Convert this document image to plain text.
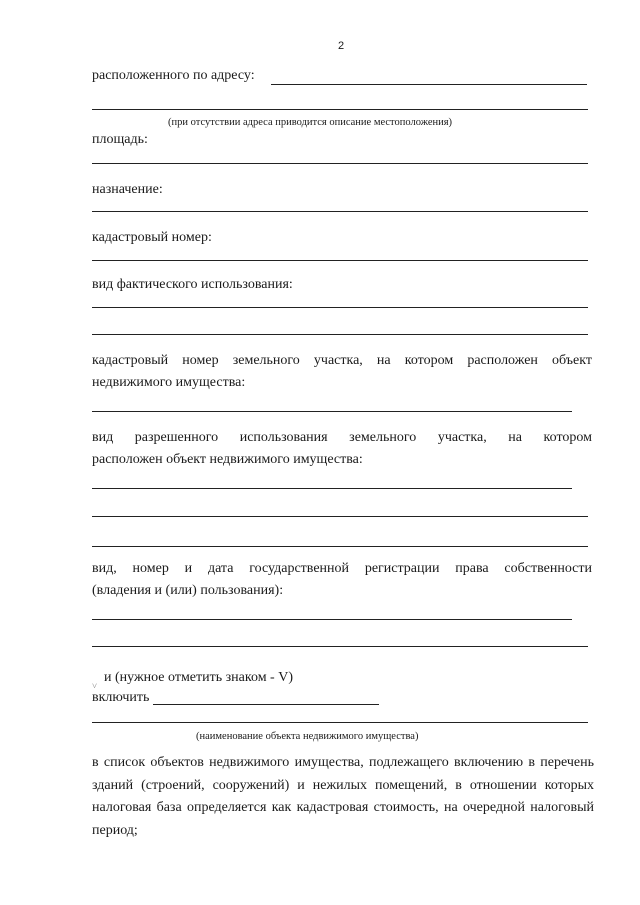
2
расположенного по адресу:
(при отсутствии адреса приводится описание местоположения)
площадь:
назначение:
кадастровый номер:
вид фактического использования:
кадастровый номер земельного участка, на котором расположен объект
недвижимого имущества:
вид разрешенного использования земельного участка, на котором
расположен объект недвижимого имущества:
вид, номер и дата государственной регистрации права собственности
(владения и (или) пользования):
˅
и (нужное отметить знаком - V)
включить
(наименование объекта недвижимого имущества)
в список объектов недвижимого имущества, подлежащего включению в перечень зданий (строений, сооружений) и нежилых помещений, в отношении которых налоговая база определяется как кадастровая стоимость, на очередной налоговый период;
